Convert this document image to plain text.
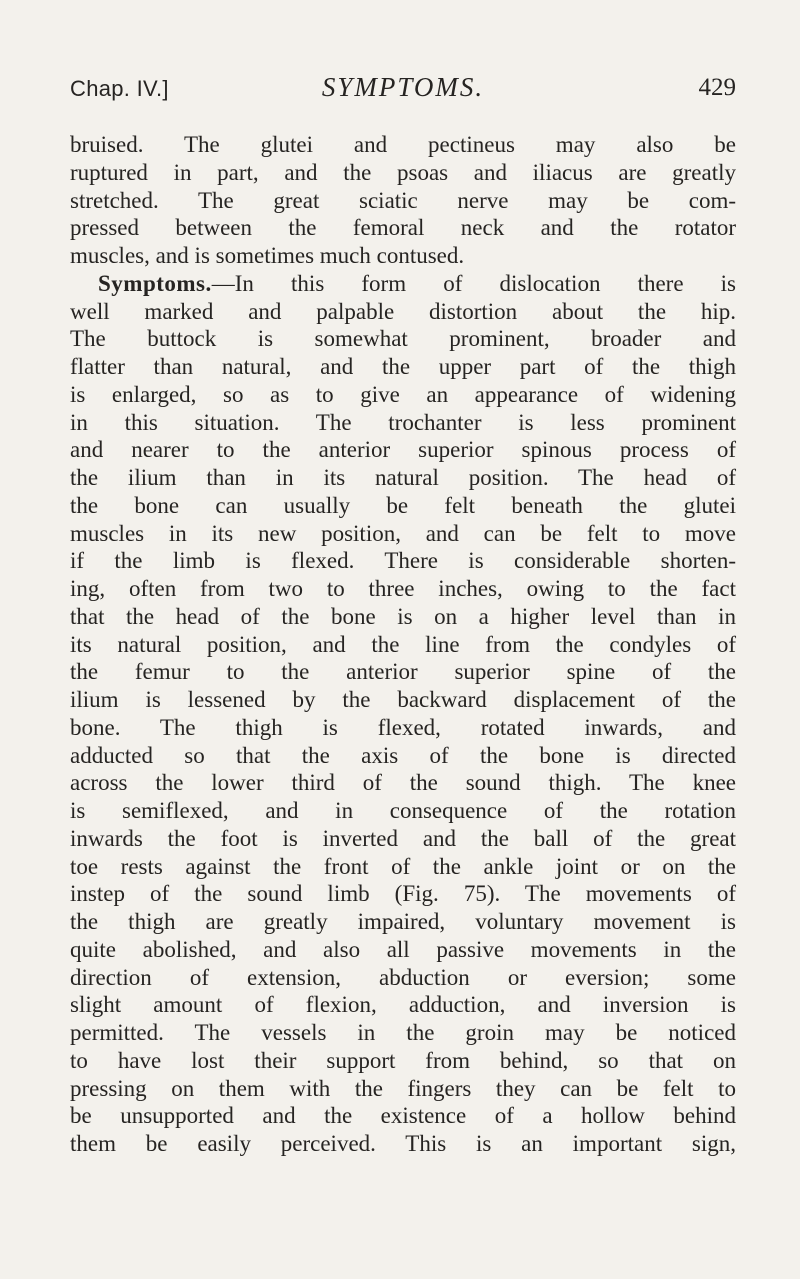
Chap. IV.]	SYMPTOMS.	429
bruised. The glutei and pectineus may also be
ruptured in part, and the psoas and iliacus are greatly
stretched. The great sciatic nerve may be com-
pressed between the femoral neck and the rotator
muscles, and is sometimes much contused.
Symptoms.—In this form of dislocation there is
well marked and palpable distortion about the hip.
The buttock is somewhat prominent, broader and
flatter than natural, and the upper part of the thigh
is enlarged, so as to give an appearance of widening
in this situation. The trochanter is less prominent
and nearer to the anterior superior spinous process of
the ilium than in its natural position. The head of
the bone can usually be felt beneath the glutei
muscles in its new position, and can be felt to move
if the limb is flexed. There is considerable shorten-
ing, often from two to three inches, owing to the fact
that the head of the bone is on a higher level than in
its natural position, and the line from the condyles of
the femur to the anterior superior spine of the
ilium is lessened by the backward displacement of the
bone. The thigh is flexed, rotated inwards, and
adducted so that the axis of the bone is directed
across the lower third of the sound thigh. The knee
is semiflexed, and in consequence of the rotation
inwards the foot is inverted and the ball of the great
toe rests against the front of the ankle joint or on the
instep of the sound limb (Fig. 75). The movements of
the thigh are greatly impaired, voluntary movement is
quite abolished, and also all passive movements in the
direction of extension, abduction or eversion; some
slight amount of flexion, adduction, and inversion is
permitted. The vessels in the groin may be noticed
to have lost their support from behind, so that on
pressing on them with the fingers they can be felt to
be unsupported and the existence of a hollow behind
them be easily perceived. This is an important sign,
